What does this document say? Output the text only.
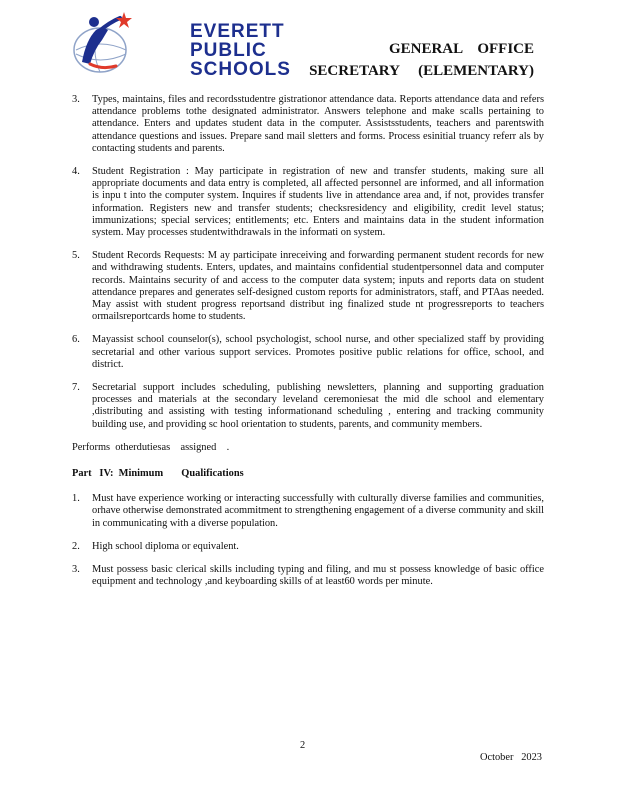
EVERETT
PUBLIC
SCHOOLS
GENERAL    OFFICE
SECRETARY     (ELEMENTARY)
3.	Types, maintains, files and recordsstudentre gistrationor attendance data. Reports attendance data and refers attendance problems tothe designated administrator. Answers telephone and make scalls pertaining to attendance. Enters and updates student data in the computer. Assistsstudents, teachers and parentswith attendance questions and issues. Prepare sand mail sletters and forms. Process esinitial truancy referr als by contacting students and parents.
4.	Student Registration : May participate in registration of new and transfer students, making sure all appropriate documents and data entry is completed, all affected personnel are informed, and all information is inpu t into the computer system. Inquires if students live in attendance area and, if not, provides transfer information. Registers new and transfer students; checksresidency and eligibility, credit level status; immunizations; special services; entitlements; etc. Enters and maintains data in the student information system. May processes studentwithdrawals in the informati on system.
5.	Student Records Requests: M ay participate inreceiving and forwarding permanent student records for new and withdrawing students. Enters, updates, and maintains confidential studentpersonnel data and computer records. Maintains security of and access to the computer data system; inputs and reports data on student attendance prepares and generates self-designed custom reports for administrators, staff, and PTAas needed. May assist with student progress reportsand distribut ing finalized stude nt progressreports to teachers ormailsreportcards home to students.
6.	Mayassist school counselor(s), school psychologist, school nurse, and other specialized staff by providing secretarial and other various support services. Promotes positive public relations for office, school, and district.
7.	Secretarial support includes scheduling, publishing newsletters, planning and supporting graduation processes and materials at the secondary leveland ceremoniesat the mid dle school and elementary ,distributing and assisting with testing informationand scheduling , entering and tracking community building use, and providing sc hool orientation to students, parents, and community members.
Performs  otherdutiesas    assigned    .
Part   IV:  Minimum       Qualifications
1.	Must have experience working or interacting successfully with culturally diverse families and communities, orhave otherwise demonstrated acommitment to strengthening engagement of a diverse community and skill in communicating with a diverse population.
2.	High school diploma or equivalent.
3.	Must possess basic clerical skills including typing and filing, and mu st possess knowledge of basic office equipment and technology ,and keyboarding skills of at least60 words per minute.
2
October   2023
